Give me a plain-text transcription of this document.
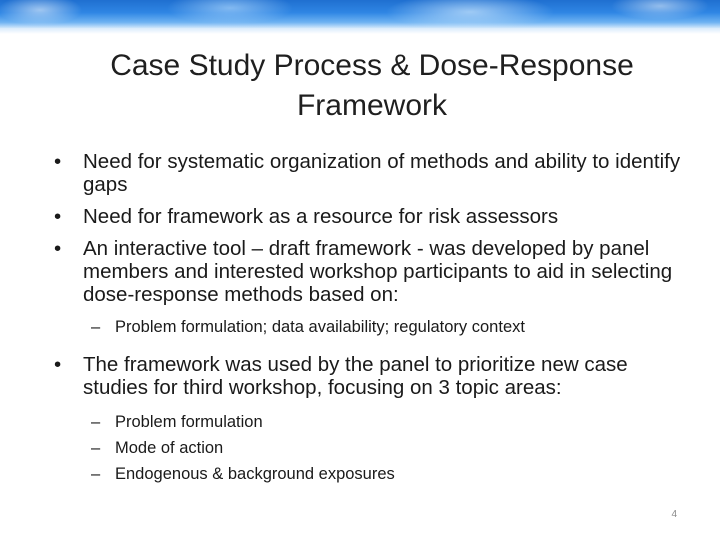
Case Study Process & Dose-Response
Framework
•	Need for systematic organization of methods and ability to identify gaps
•	Need for framework as a resource for risk assessors
•	An interactive tool – draft framework - was developed by panel members and interested workshop participants to aid in selecting dose-response methods based on:
– Problem formulation; data availability; regulatory context
•	The framework was used by the panel to prioritize new case studies for third workshop, focusing on 3 topic areas:
– Problem formulation
– Mode of action
– Endogenous & background exposures
4
